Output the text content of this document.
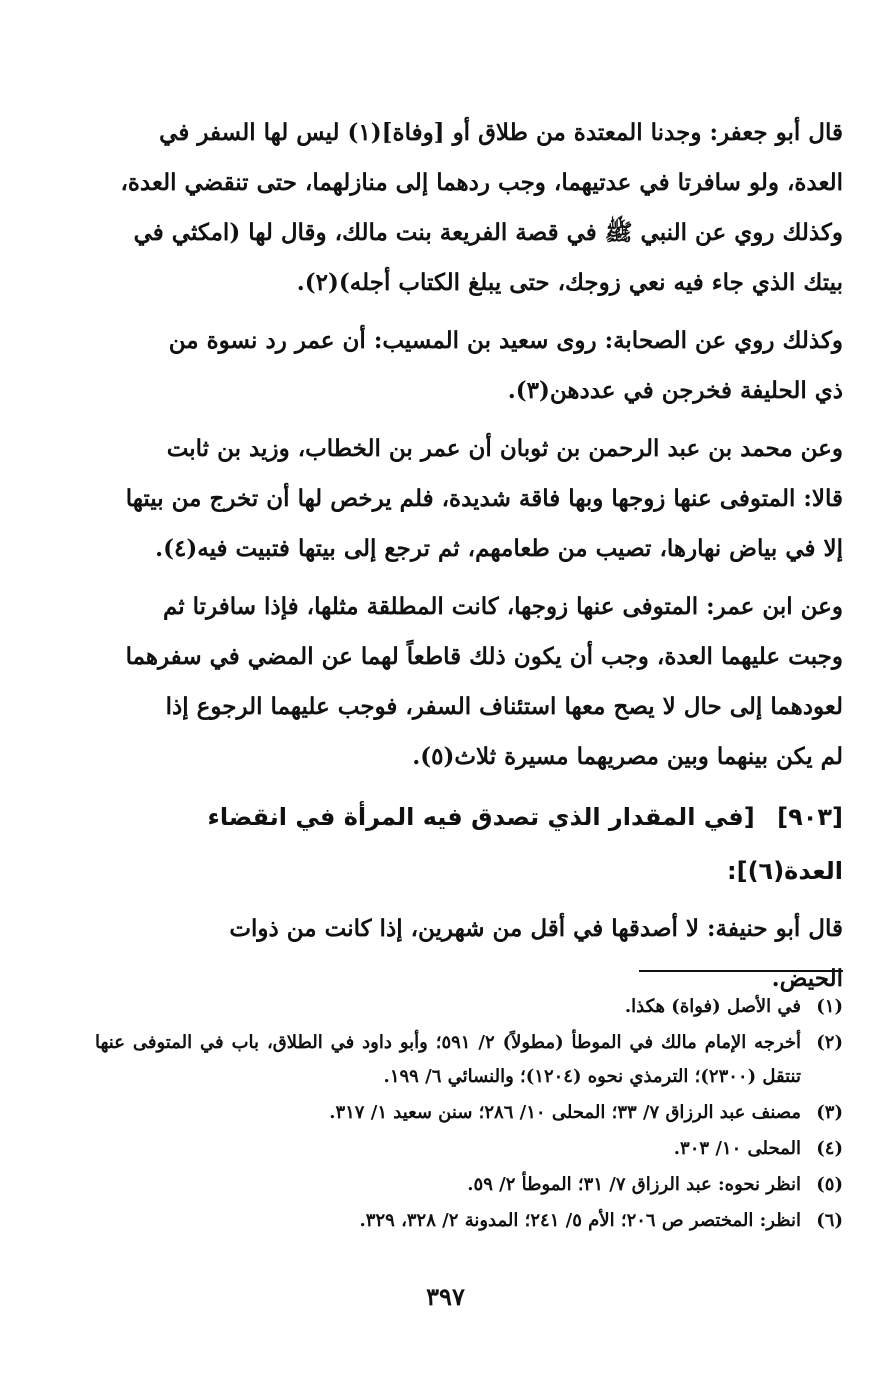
قال أبو جعفر: وجدنا المعتدة من طلاق أو [وفاة](١) ليس لها السفر في
العدة، ولو سافرتا في عدتيهما، وجب ردهما إلى منازلهما، حتى تنقضي العدة،
وكذلك روي عن النبي ﷺ في قصة الفريعة بنت مالك، وقال لها (امكثي في
بيتك الذي جاء فيه نعي زوجك، حتى يبلغ الكتاب أجله)(٢).

وكذلك روي عن الصحابة: روى سعيد بن المسيب: أن عمر رد نسوة من
ذي الحليفة فخرجن في عددهن(٣).

وعن محمد بن عبد الرحمن بن ثوبان أن عمر بن الخطاب، وزيد بن ثابت
قالا: المتوفى عنها زوجها وبها فاقة شديدة، فلم يرخص لها أن تخرج من بيتها
إلا في بياض نهارها، تصيب من طعامهم، ثم ترجع إلى بيتها فتبيت فيه(٤).

وعن ابن عمر: المتوفى عنها زوجها، كانت المطلقة مثلها، فإذا سافرتا ثم
وجبت عليهما العدة، وجب أن يكون ذلك قاطعاً لهما عن المضي في سفرهما
لعودهما إلى حال لا يصح معها استئناف السفر، فوجب عليهما الرجوع إذا
لم يكن بينهما وبين مصريهما مسيرة ثلاث(٥).

[٩٠٣] [في المقدار الذي تصدق فيه المرأة في انقضاء العدة(٦)]:

قال أبو حنيفة: لا أصدقها في أقل من شهرين، إذا كانت من ذوات
الحيض.

(١)
في الأصل (فواة) هكذا.
(٢)
أخرجه الإمام مالك في الموطأ (مطولاً) ٢/ ٥٩١؛ وأبو داود في الطلاق، باب في المتوفى عنها تنتقل (٢٣٠٠)؛ الترمذي نحوه (١٢٠٤)؛ والنسائي ٦/ ١٩٩.
(٣)
مصنف عبد الرزاق ٧/ ٣٣؛ المحلى ١٠/ ٢٨٦؛ سنن سعيد ١/ ٣١٧.
(٤)
المحلى ١٠/ ٣٠٣.
(٥)
انظر نحوه: عبد الرزاق ٧/ ٣١؛ الموطأ ٢/ ٥٩.
(٦)
انظر: المختصر ص ٢٠٦؛ الأم ٥/ ٢٤١؛ المدونة ٢/ ٣٢٨، ٣٢٩.
٣٩٧
